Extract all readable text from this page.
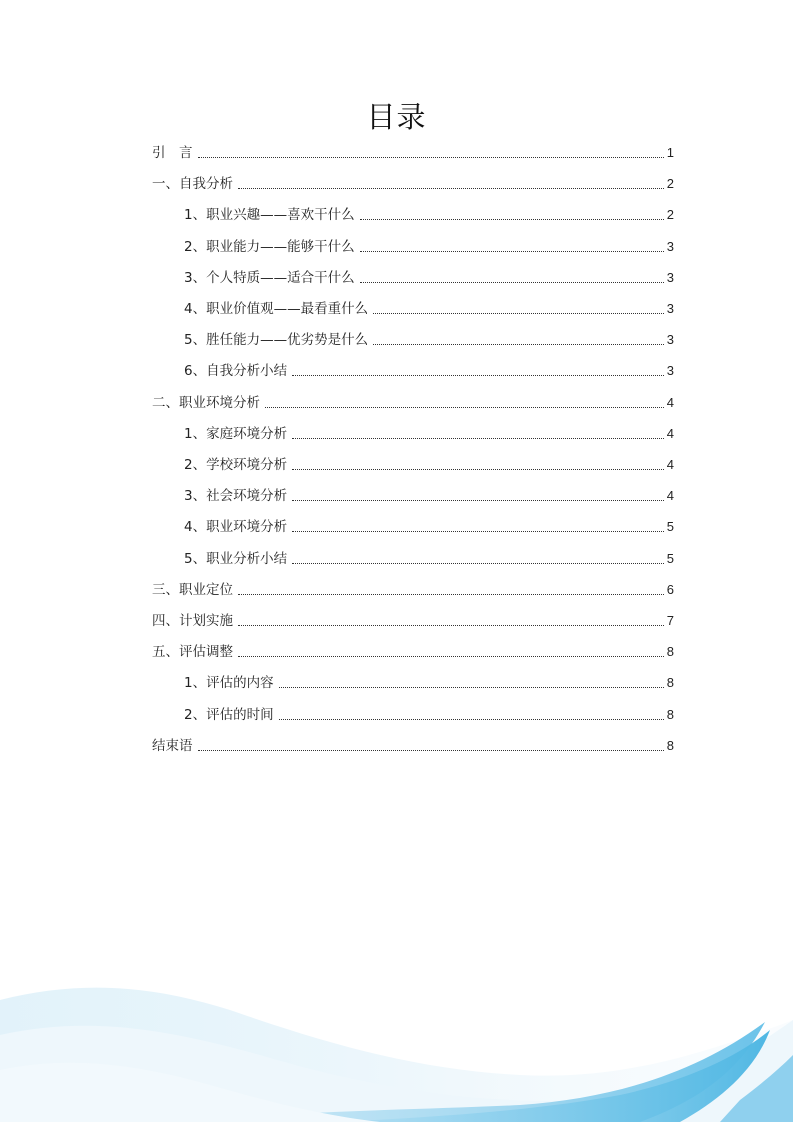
目录
引　言	1
一、自我分析	2
1、职业兴趣——喜欢干什么	2
2、职业能力——能够干什么	3
3、个人特质——适合干什么	3
4、职业价值观——最看重什么	3
5、胜任能力——优劣势是什么	3
6、自我分析小结	3
二、职业环境分析	4
1、家庭环境分析	4
2、学校环境分析	4
3、社会环境分析	4
4、职业环境分析	5
5、职业分析小结	5
三、职业定位	6
四、计划实施	7
五、评估调整	8
1、评估的内容	8
2、评估的时间	8
结束语	8
